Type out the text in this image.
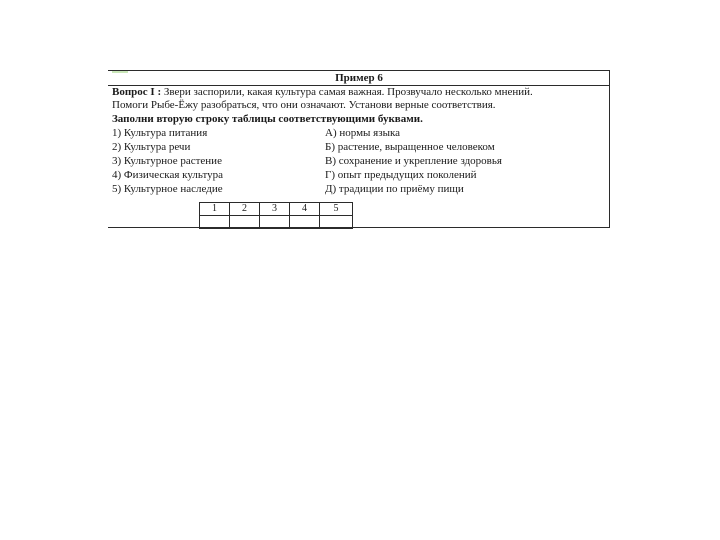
Пример 6
Вопрос I : Звери заспорили, какая культура самая важная. Прозвучало несколько мнений.
Помоги Рыбе-Ёжу разобраться, что они означают. Установи верные соответствия.
Заполни вторую строку таблицы соответствующими буквами.
1) Культура питания
2) Культура речи
3) Культурное растение
4) Физическая культура
5) Культурное наследие
А) нормы языка
Б) растение, выращенное человеком
В) сохранение и укрепление здоровья
Г) опыт предыдущих поколений
Д) традиции по приёму пищи
1	2	3	4	5
